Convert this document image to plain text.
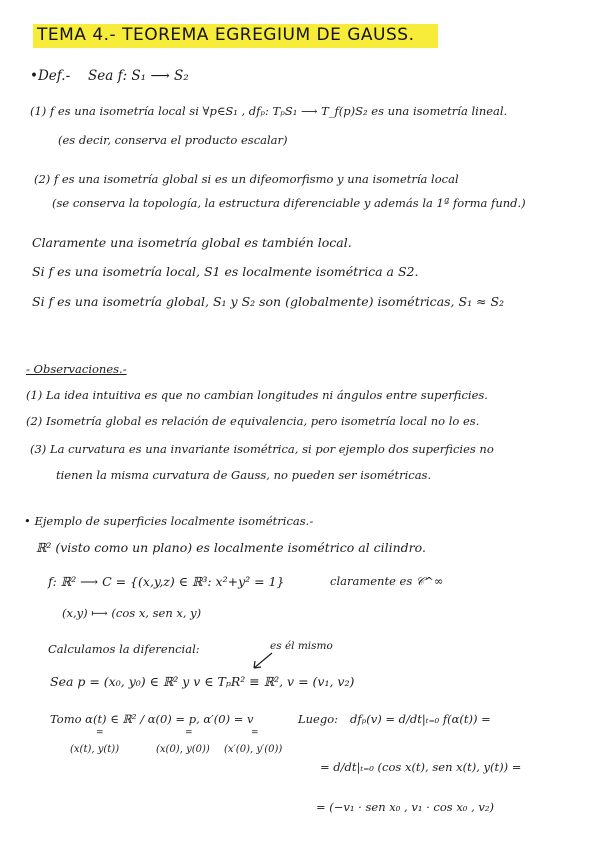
TEMA 4.- TEOREMA EGREGIUM DE GAUSS.
•Def.- Sea f: S₁ ⟶ S₂
(1) f es una isometría local si ∀p∈S₁ , dfₚ: TₚS₁ ⟶ T_f(p)S₂ es una isometría lineal.
(es decir, conserva el producto escalar)
(2) f es una isometría global si es un difeomorfismo y una isometría local
(se conserva la topología, la estructura diferenciable y además la 1ª forma fund.)
Claramente una isometría global es también local.
Si f es una isometría local, S1 es localmente isométrica a S2.
Si f es una isometría global, S₁ y S₂ son (globalmente) isométricas, S₁ ≈ S₂
- Observaciones.-
(1) La idea intuitiva es que no cambian longitudes ni ángulos entre superficies.
(2) Isometría global es relación de equivalencia, pero isometría local no lo es.
(3) La curvatura es una invariante isométrica, si por ejemplo dos superficies no
tienen la misma curvatura de Gauss, no pueden ser isométricas.
• Ejemplo de superficies localmente isométricas.-
ℝ² (visto como un plano) es localmente isométrico al cilindro.
f: ℝ² ⟶ C = {(x,y,z) ∈ ℝ³: x²+y² = 1}	claramente es 𝒞^∞
(x,y) ⟼ (cos x, sen x, y)
Calculamos la diferencial:	es él mismo
Sea p = (x₀, y₀) ∈ ℝ² y v ∈ TₚR² ≡ ℝ², v = (v₁, v₂)
Tomo α(t) ∈ ℝ² / α(0) = p, α′(0) = v
=	=	=
(x(t), y(t))	(x(0), y(0)) (x′(0), y′(0))
Luego: dfₚ(v) = d/dt|ₜ₌₀ f(α(t)) =
= d/dt|ₜ₌₀ (cos x(t), sen x(t), y(t)) =
= (−v₁ · sen x₀ , v₁ · cos x₀ , v₂)
